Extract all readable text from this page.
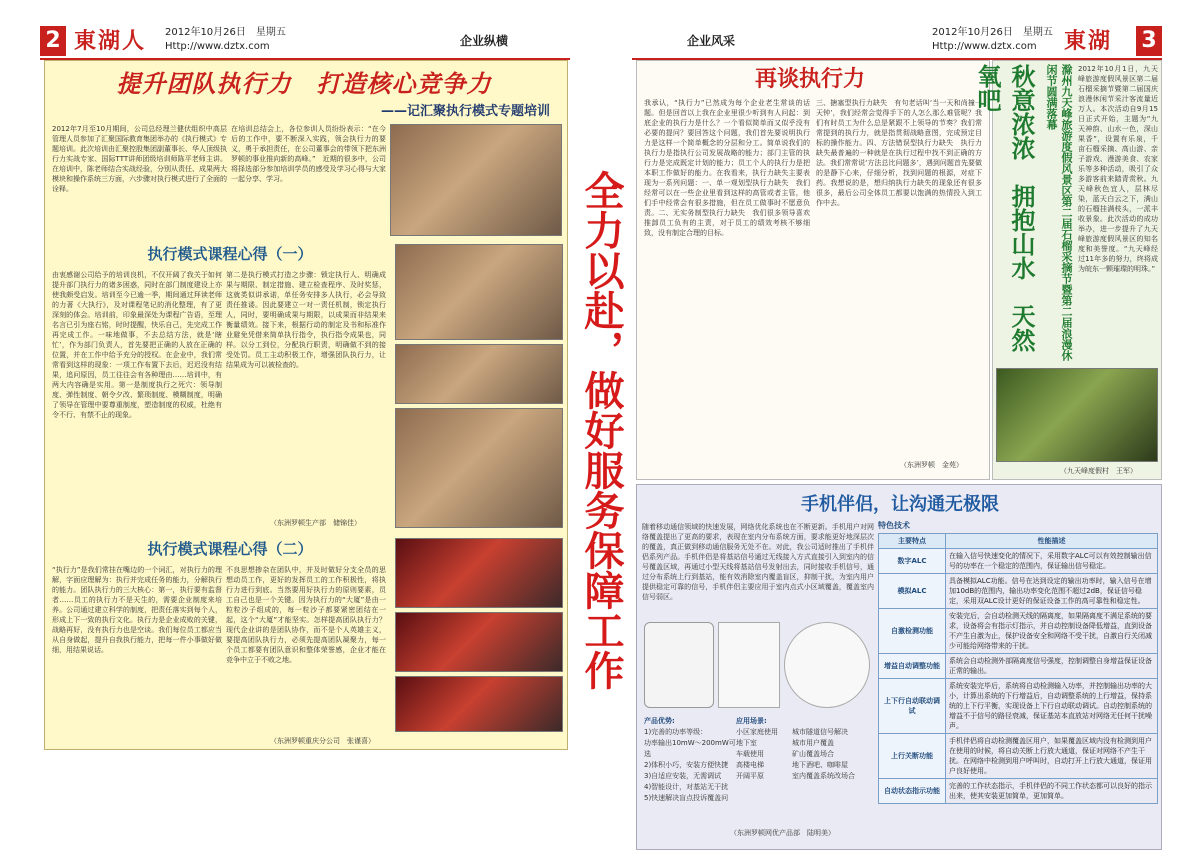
2 東湖人	2012年10月26日　 星期五
Http://www.dztx.com	企业纵横
提升团队执行力　打造核心竞争力
——记汇聚执行模式专题培训
2012年7月至10月期间，公司总经理兰健伏组织中高层管理人员参加了汇聚国际教育集团举办的《执行模式》专题培训。此次培训由汇聚控股集团副董事长、华人顶级执行力实战专家、国际TTT讲师团级培训师陈平老师主讲。在培训中，陈老师结合实战经验，分别从责任、成果两大模块和操作系统三方面，六步骤对执行模式进行了全面的诠释。
在培训总结会上，各位参训人员纷纷表示：“在今后的工作中，要不断深入实践，领会执行力的要义，勇于承担责任，在公司董事会的带领下把东洲罗顿的事业推向新的高峰。”　近期的很多中，公司将择选部分参加培训学员的感受及学习心得与大家一起分享、学习。
执行模式课程心得（一）
由衷感谢公司给予的培训良机，不仅开阔了我关于如何提升部门执行力的诸多困惑，同时在部门制度建设上亦使我颇受启发。培训至今已逾一季，期间通过拜读老师的力著《大执行》，及对课程笔记的消化整理，有了更深刻的体会。培训前，印象最深处为课程广告语，至理名言已引为座右铭，时时提醒，快乐自己，先完成工作再完成工作。一味地做事，不去总结方法，就是‘瞎忙’，作为部门负责人，首先要把正确的人放在正确的位置，并在工作中给予充分的授权。在企业中，我们常常看到这样的现象：一项工作布置下去后，迟迟没有结果，追问原因，员工往往会有各种理由……培训中，有两大内容确是实用。第一是制度执行之死穴：领导制度、弹性制度、朝令夕改、繁琐制度、模糊制度，明确了领导在管理中要尊重制度，塑造制度的权威，杜绝有令不行、有禁不止的现象。
第二是执行模式打造之步骤：锁定执行人、明确成果与期限、制定措施、建立检查程序、及时奖惩，这就类似讲承诺，单任务安排多人执行，必会导致责任推诿。因此要建立一对一责任机制，锁定执行人，同时，要明确成果与期限，以成果而非结果来衡量绩效。接下来，根据行动的制定及书和标准作业避免凭借来简单执行指令，执行指令成果也，同样。以分工到位，分配执行职责，明确做不到的接受处罚。员工主动积极工作，增强团队执行力，让结果成为可以被检查的。
（东洲罗顿生产部　储锦佳）
执行模式课程心得（二）
“执行力”是我们常挂在嘴边的一个词汇，对执行力的理解，字面应理解为：执行并完成任务的能力，分解执行的能力。团队执行力的三大核心：第一，执行要有监督者……员工的执行力不是天生的，需要企业制度来培养。公司通过建立科学的制度，把责任落实到每个人，形成上下一致的执行文化。执行力是企业成败的关键，战略再好，没有执行力也是空谈。我们每位员工都应当从自身做起，提升自我执行能力，把每一件小事做好做细，用结果说话。
不良思想掺杂在团队中，并及时做好分支全员的思想动员工作，更好的发挥员工的工作积极性，将执行力进行到底。当然要用好执行力的原则要素，员工自己也是一个关键。因为执行力的“大厦”是由一粒粒沙子组成的，每一粒沙子都要紧密团结在一起，这个“大厦”才能坚实。怎样提高团队执行力？现代企业讲的是团队协作，而不是个人英雄主义，要提高团队执行力，必须先提高团队凝聚力，每一个员工都要有团队意识和整体荣誉感，企业才能在竞争中立于不败之地。
（东洲罗顿重庆分公司　张谨喜）
全力以赴，做好服务保障工作
企业风采
2012年10月26日　 星期五
Http://www.dztx.com	東湖	3
再谈执行力
我承认，“执行力”已然成为每个企业老生常谈的话题。但是回首以上我在企业里很少听到有人问起：到底企业的执行力是什么？一个看似简单而又似乎没有必要的提问？要回答这个问题，我们首先要说明执行力是这样一个简单概念的分层和分工。简单说我们的执行力是指执行公司发展战略的能力；部门主管的执行力是完成既定计划的能力；员工个人的执行力是把本职工作做好的能力。在我看来，执行力缺失主要表现为一系列问题：一、单一观划型执行力缺失　我们经常可以在一些企业里看到这样的高管或者主管，他们手中经常会有很多措施，但在员工做事时不愿意负责。二、无实务制型执行力缺失　我们很多领导喜欢推卸员工负有的主责，对于员工的绩效考核不够细致，没有制定合理的目标。
三、搪塞型执行力缺失　有句老话叫‘当一天和尚撞一天钟’，我们经常会觉得手下的人怎么那么难管呢？我们有时员工为什么总是紧跟不上领导的节奏？我们常常提到的执行力，就是指贯彻战略意图，完成预定目标的操作能力。四、方法错误型执行力缺失　执行力缺失最普遍的一种就是在执行过程中找不到正确的方法。我们常常说‘方法总比问题多’，遇到问题首先要做的是静下心来，仔细分析，找到问题的根源，对症下药。我想说的是，想归纳执行力缺失的现象还有很多很多，最后公司全体员工都要以饱满的热情投入到工作中去。
（东洲罗顿　金苑）
秋意浓浓　拥抱山水　天然氧吧	滁州九天峰旅游度假风景区第二届石榴采摘节暨第二届浪漫休闲节圆满落幕	2012年10月1日，九天峰旅游度假风景区第二届石榴采摘节暨第二届国庆浪漫休闲节采汁客流量近万人。本次活动自9月15日正式开始，主题为“九天神韵、山水一色，深山果香”，设置有乐泉，千亩石榴采摘、高山游、亲子游戏、漫游美食、农家乐等多种活动，吸引了众多游客前来踏青赏秋。九天峰秋色宜人，层林尽染，蓝天白云之下，满山的石榴挂满枝头，一派丰收景象。此次活动的成功举办，进一步提升了九天峰旅游度假风景区的知名度和美誉度。“九天峰经过11年多的努力，终将成为皖东一颗璀璨的明珠。”
（九天峰度假村　王军）
手机伴侣，让沟通无极限
随着移动通信领域的快速发展，网络优化系统也在不断更新。手机用户对网络覆盖提出了更高的要求，表现在室内分布系统方面，要求能更好地深层次的覆盖，真正做到移动通信服务无处不在。对此，我公司适时推出了手机伴侣系列产品。手机伴侣是将基站信号通过无线接入方式直接引入到室内的信号覆盖区域，再通过小型天线将基站信号发射出去，同时接收手机信号，通过分布系统上行到基站，能有效消除室内覆盖盲区，抑制干扰，为室内用户提供稳定可靠的信号，手机伴侣主要应用于室内点式小区域覆盖，覆盖室内信号弱区。
产品优势:
1)完善的功率等级：
功率输出10mW～200mW可选
2)体积小巧，安装方便快捷
3)自适应安装，无需调试
4)智能设计，对基站无干扰
5)快速解决盲点投诉覆盖问
应用场景:
小区家庭使用	城市隧道信号解决
地下室	城市用户覆盖
车载使用	矿山覆盖场合
高楼电梯	地下酒吧、咖啡屋
开阔平原	室内覆盖系统改场合
（东洲罗顿网优产品部　陆明美）
特色技术
主要特点	性能描述
数字ALC	在输入信号快速变化的情况下，采用数字ALC可以有效控制输出信号的功率在一个稳定的范围内，保证输出信号稳定。
模拟ALC	具备模拟ALC功能。信号在达到设定的输出功率时，输入信号在增加10dB的范围内，输出功率变化范围不超过2dB，保证信号稳定，采用双ALC设计更好的保证设备工作的高可靠性和稳定性。
自激检测功能	安装完后，会自动检测天线的隔离度，如果隔离度不满足系统的要求，设备将会有指示灯指示，并自动控制设备降低增益，直到设备不产生自激为止，保护设备安全和网络不受干扰，自激自行关闭减少可能给网络带来的干扰。
增益自动调整功能	系统会自动检测外部隔离度信号强度，控制调整自身增益保证设备正常的输出。
上下行自动联动调试	系统安装完毕后，系统将自动检测输入功率，并控制输出功率的大小，计算出系统的下行增益后，自动调整系统的上行增益，保持系统的上下行平衡，实现设备上下行自动联动调试。自动控制系统的增益不于信号的路径衰减，保证基站本直放站对网络无任何干扰噪声。
上行关断功能	手机伴侣将自动检测覆盖区用户，如果覆盖区域内没有检测到用户在使用的时候，将自动关断上行放大通道，保证对网络不产生干扰。在网络中检测到用户呼叫时，自动打开上行放大通道，保证用户良好使用。
自动状态指示功能	完善的工作状态指示，手机伴侣的不同工作状态都可以良好的指示出来，使其安装更加简单，更加简单。
